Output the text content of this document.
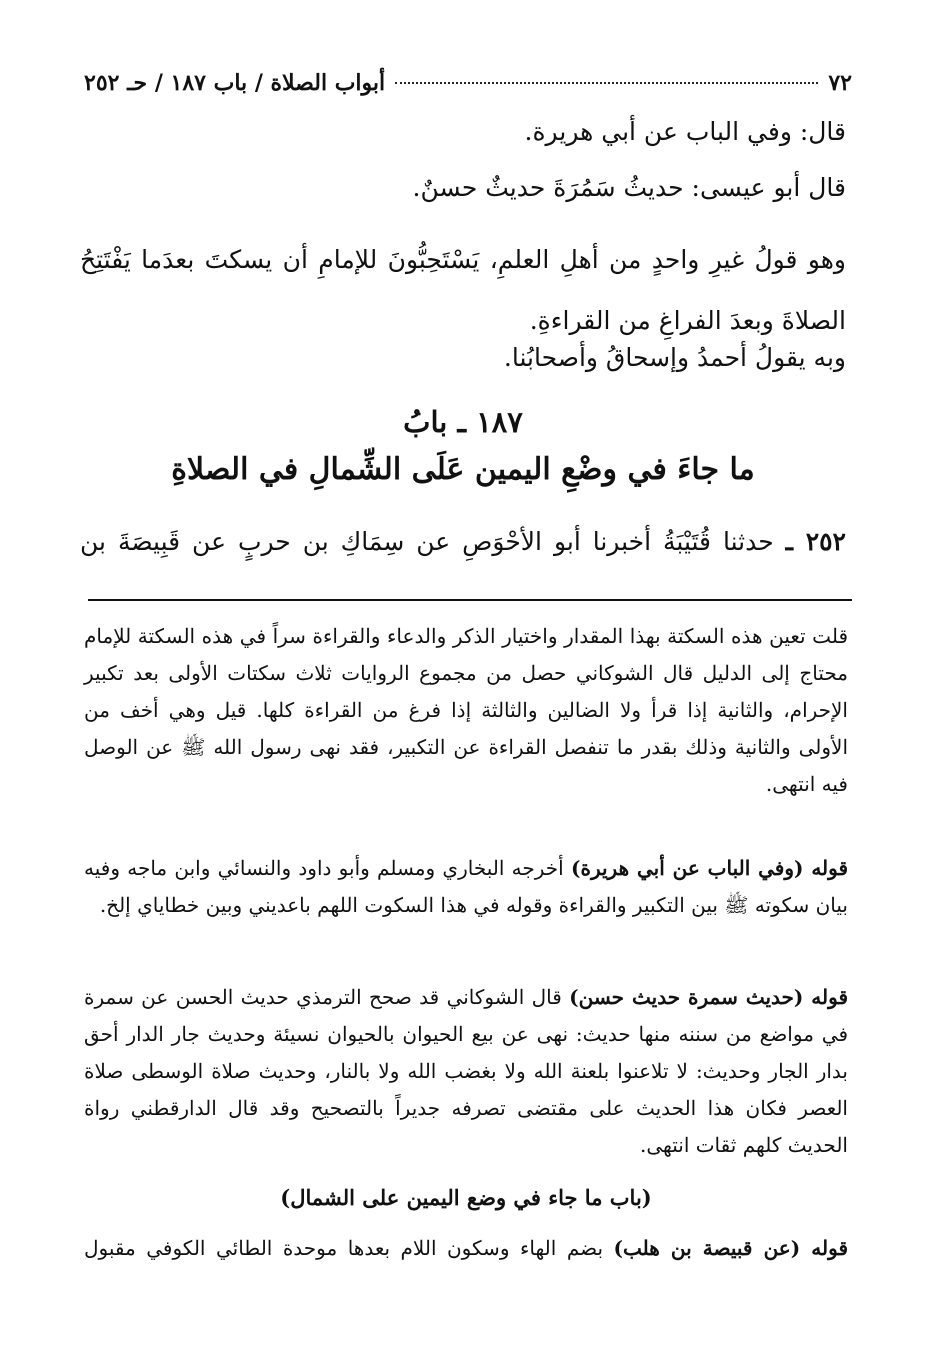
٧٢
أبواب الصلاة / باب ١٨٧ / حـ ٢٥٢
قال: وفي الباب عن أبي هريرة.
قال أبو عيسى: حديثُ سَمُرَةَ حديثٌ حسنٌ.

وهو قولُ غيرِ واحدٍ من أهلِ العلمِ، يَسْتَحِبُّونَ للإمامِ أن يسكتَ بعدَما يَفْتَتِحُ الصلاةَ وبعدَ الفراغِ من القراءةِ.

وبه يقولُ أحمدُ وإسحاقُ وأصحابُنا.
١٨٧ ـ بابُ
ما جاءَ في وضْعِ اليمين عَلَى الشِّمالِ في الصلاةِ
٢٥٢ ـ حدثنا قُتَيْبَةُ أخبرنا أبو الأحْوَصِ عن سِمَاكِ بن حربٍ عن قَبِيصَةَ بن

قلت تعين هذه السكتة بهذا المقدار واختيار الذكر والدعاء والقراءة سراً في هذه السكتة للإمام محتاج إلى الدليل قال الشوكاني حصل من مجموع الروايات ثلاث سكتات الأولى بعد تكبير الإحرام، والثانية إذا قرأ ولا الضالين والثالثة إذا فرغ من القراءة كلها. قيل وهي أخف من الأولى والثانية وذلك بقدر ما تنفصل القراءة عن التكبير، فقد نهى رسول الله ﷺ عن الوصل فيه انتهى.

قوله (وفي الباب عن أبي هريرة) أخرجه البخاري ومسلم وأبو داود والنسائي وابن ماجه وفيه بيان سكوته ﷺ بين التكبير والقراءة وقوله في هذا السكوت اللهم باعديني وبين خطاياي إلخ.

قوله (حديث سمرة حديث حسن) قال الشوكاني قد صحح الترمذي حديث الحسن عن سمرة في مواضع من سننه منها حديث: نهى عن بيع الحيوان بالحيوان نسيئة وحديث جار الدار أحق بدار الجار وحديث: لا تلاعنوا بلعنة الله ولا بغضب الله ولا بالنار، وحديث صلاة الوسطى صلاة العصر فكان هذا الحديث على مقتضى تصرفه جديراً بالتصحيح وقد قال الدارقطني رواة الحديث كلهم ثقات انتهى.

(باب ما جاء في وضع اليمين على الشمال)
قوله (عن قبيصة بن هلب) بضم الهاء وسكون اللام بعدها موحدة الطائي الكوفي مقبول
